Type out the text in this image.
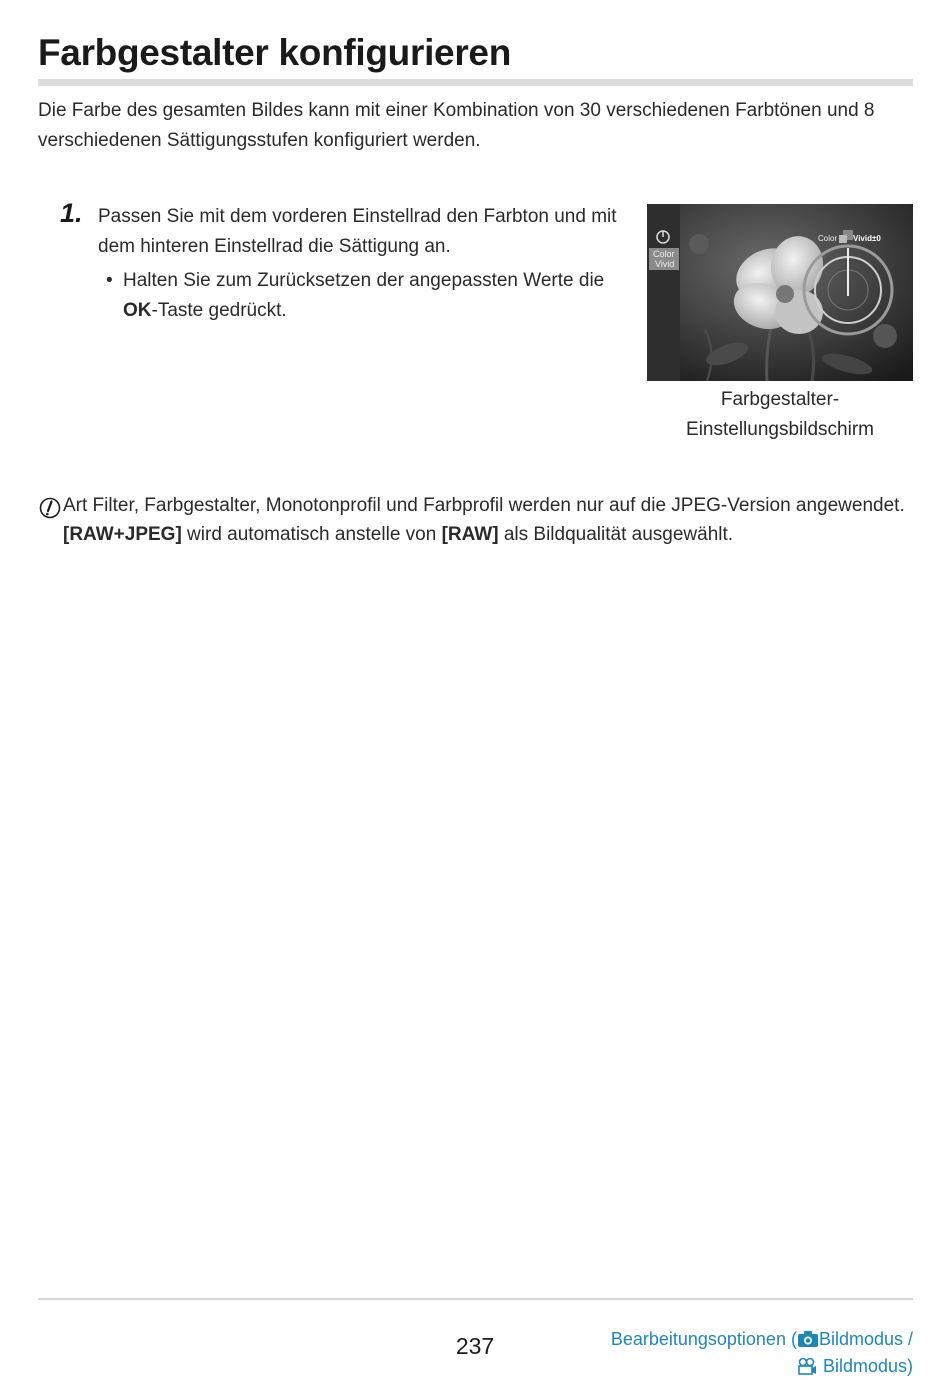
Farbgestalter konfigurieren

Die Farbe des gesamten Bildes kann mit einer Kombination von 30 verschiedenen Farbtönen und 8 verschiedenen Sättigungsstufen konfiguriert werden.

1. Passen Sie mit dem vorderen Einstellrad den Farbton und mit dem hinteren Einstellrad die Sättigung an.

• Halten Sie zum Zurücksetzen der angepassten Werte die OK-Taste gedrückt.
Color
Vivid
Color Vivid±0
Farbgestalter-
Einstellungsbildschirm
Art Filter, Farbgestalter, Monotonprofil und Farbprofil werden nur auf die JPEG-Version angewendet.
[RAW+JPEG] wird automatisch anstelle von [RAW] als Bildqualität ausgewählt.
237	Bearbeitungsoptionen ( Bildmodus /
Bildmodus)
